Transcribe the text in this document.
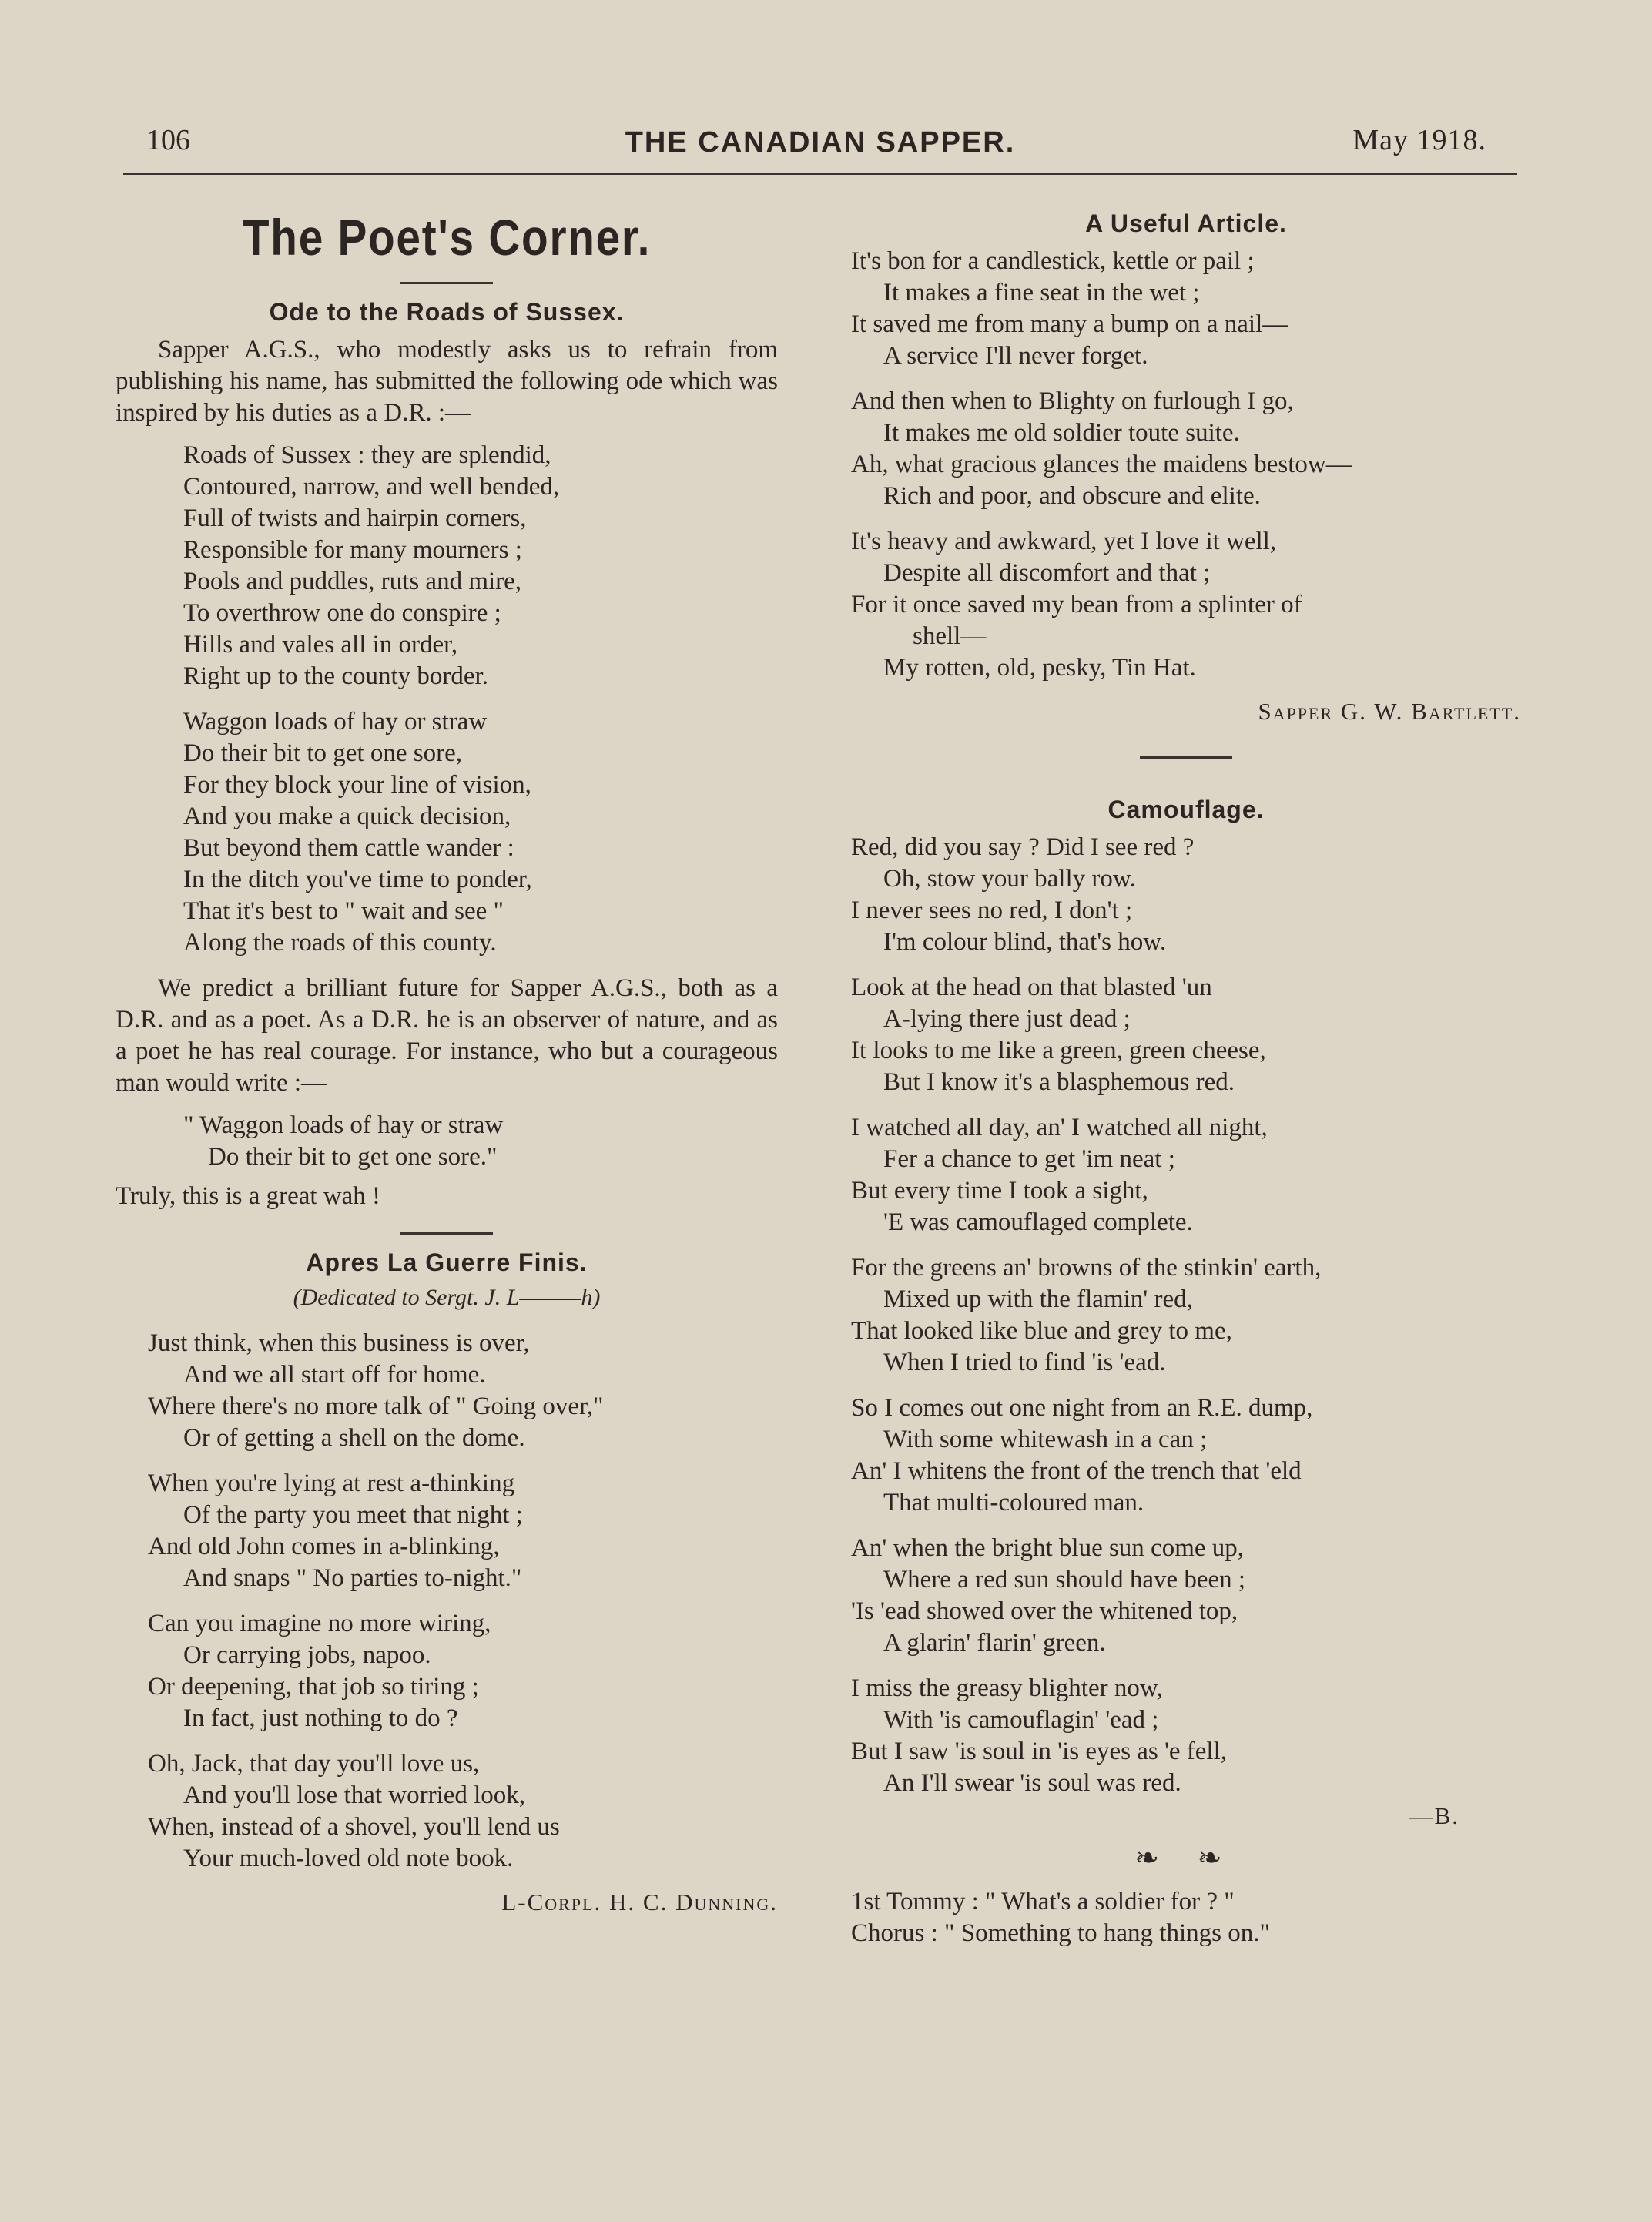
106	THE CANADIAN SAPPER.	May 1918.
The Poet's Corner.
Ode to the Roads of Sussex.

Sapper A.G.S., who modestly asks us to refrain from publishing his name, has submitted the following ode which was inspired by his duties as a D.R. :—

Roads of Sussex : they are splendid,
Contoured, narrow, and well bended,
Full of twists and hairpin corners,
Responsible for many mourners ;
Pools and puddles, ruts and mire,
To overthrow one do conspire ;
Hills and vales all in order,
Right up to the county border.
Waggon loads of hay or straw
Do their bit to get one sore,
For they block your line of vision,
And you make a quick decision,
But beyond them cattle wander :
In the ditch you've time to ponder,
That it's best to " wait and see "
Along the roads of this county.

We predict a brilliant future for Sapper A.G.S., both as a D.R. and as a poet. As a D.R. he is an observer of nature, and as a poet he has real courage. For instance, who but a courageous man would write :—

" Waggon loads of hay or straw
Do their bit to get one sore."

Truly, this is a great wah !

Apres La Guerre Finis.
(Dedicated to Sergt. J. L———h)
Just think, when this business is over,
And we all start off for home.
Where there's no more talk of " Going over,"
Or of getting a shell on the dome.
When you're lying at rest a-thinking
Of the party you meet that night ;
And old John comes in a-blinking,
And snaps " No parties to-night."
Can you imagine no more wiring,
Or carrying jobs, napoo.
Or deepening, that job so tiring ;
In fact, just nothing to do ?
Oh, Jack, that day you'll love us,
And you'll lose that worried look,
When, instead of a shovel, you'll lend us
Your much-loved old note book.
L-Corpl. H. C. Dunning.
A Useful Article.
It's bon for a candlestick, kettle or pail ;
It makes a fine seat in the wet ;
It saved me from many a bump on a nail—
A service I'll never forget.
And then when to Blighty on furlough I go,
It makes me old soldier toute suite.
Ah, what gracious glances the maidens bestow—
Rich and poor, and obscure and elite.
It's heavy and awkward, yet I love it well,
Despite all discomfort and that ;
For it once saved my bean from a splinter of
shell—
My rotten, old, pesky, Tin Hat.
Sapper G. W. Bartlett.
Camouflage.
Red, did you say ? Did I see red ?
Oh, stow your bally row.
I never sees no red, I don't ;
I'm colour blind, that's how.
Look at the head on that blasted 'un
A-lying there just dead ;
It looks to me like a green, green cheese,
But I know it's a blasphemous red.
I watched all day, an' I watched all night,
Fer a chance to get 'im neat ;
But every time I took a sight,
'E was camouflaged complete.
For the greens an' browns of the stinkin' earth,
Mixed up with the flamin' red,
That looked like blue and grey to me,
When I tried to find 'is 'ead.
So I comes out one night from an R.E. dump,
With some whitewash in a can ;
An' I whitens the front of the trench that 'eld
That multi-coloured man.
An' when the bright blue sun come up,
Where a red sun should have been ;
'Is 'ead showed over the whitened top,
A glarin' flarin' green.
I miss the greasy blighter now,
With 'is camouflagin' 'ead ;
But I saw 'is soul in 'is eyes as 'e fell,
An I'll swear 'is soul was red.
—B.
❧ ❧
1st Tommy : " What's a soldier for ? "
Chorus : " Something to hang things on."
